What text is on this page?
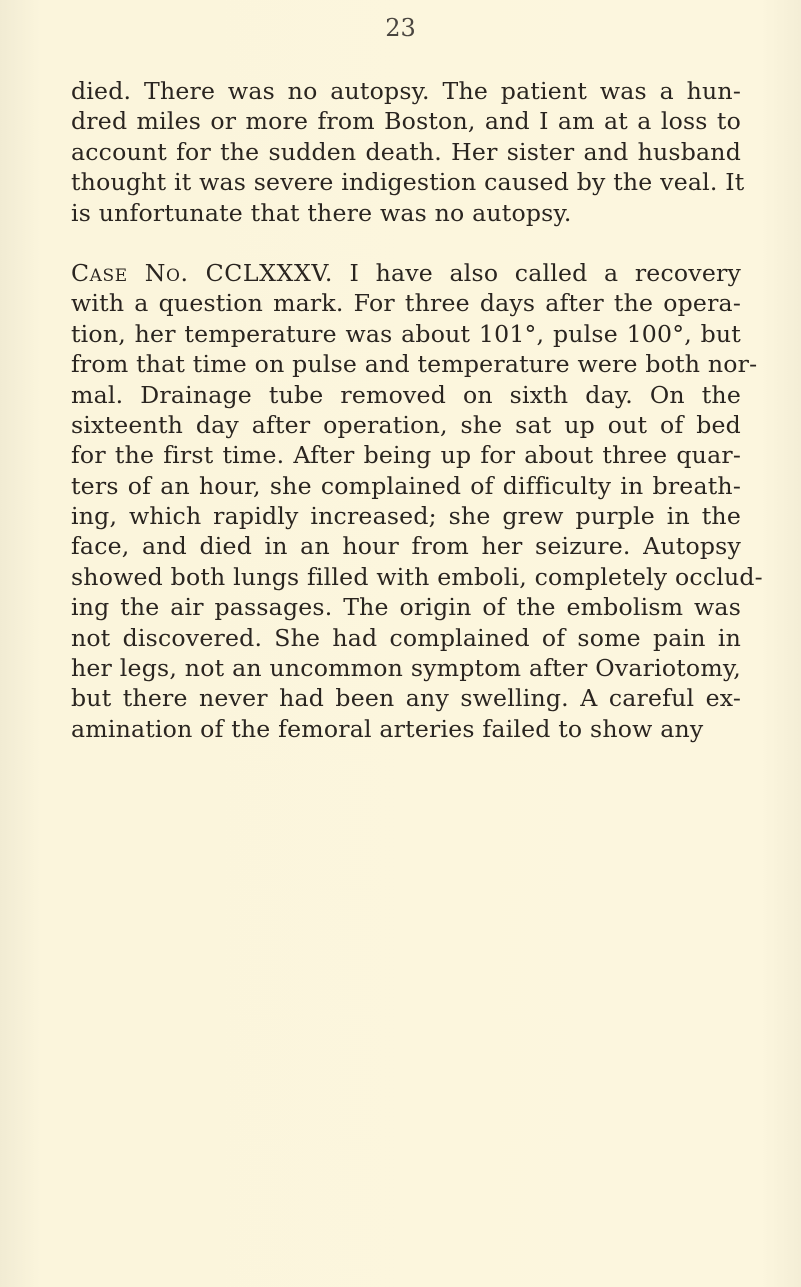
23
died. There was no autopsy. The patient was a hun-
dred miles or more from Boston, and I am at a loss to
account for the sudden death. Her sister and husband
thought it was severe indigestion caused by the veal. It
is unfortunate that there was no autopsy.
Case No. CCLXXXV. I have also called a recovery
with a question mark. For three days after the opera-
tion, her temperature was about 101°, pulse 100°, but
from that time on pulse and temperature were both nor-
mal. Drainage tube removed on sixth day. On the
sixteenth day after operation, she sat up out of bed
for the first time. After being up for about three quar-
ters of an hour, she complained of difficulty in breath-
ing, which rapidly increased; she grew purple in the
face, and died in an hour from her seizure. Autopsy
showed both lungs filled with emboli, completely occlud-
ing the air passages. The origin of the embolism was
not discovered. She had complained of some pain in
her legs, not an uncommon symptom after Ovariotomy,
but there never had been any swelling. A careful ex-
amination of the femoral arteries failed to show any
